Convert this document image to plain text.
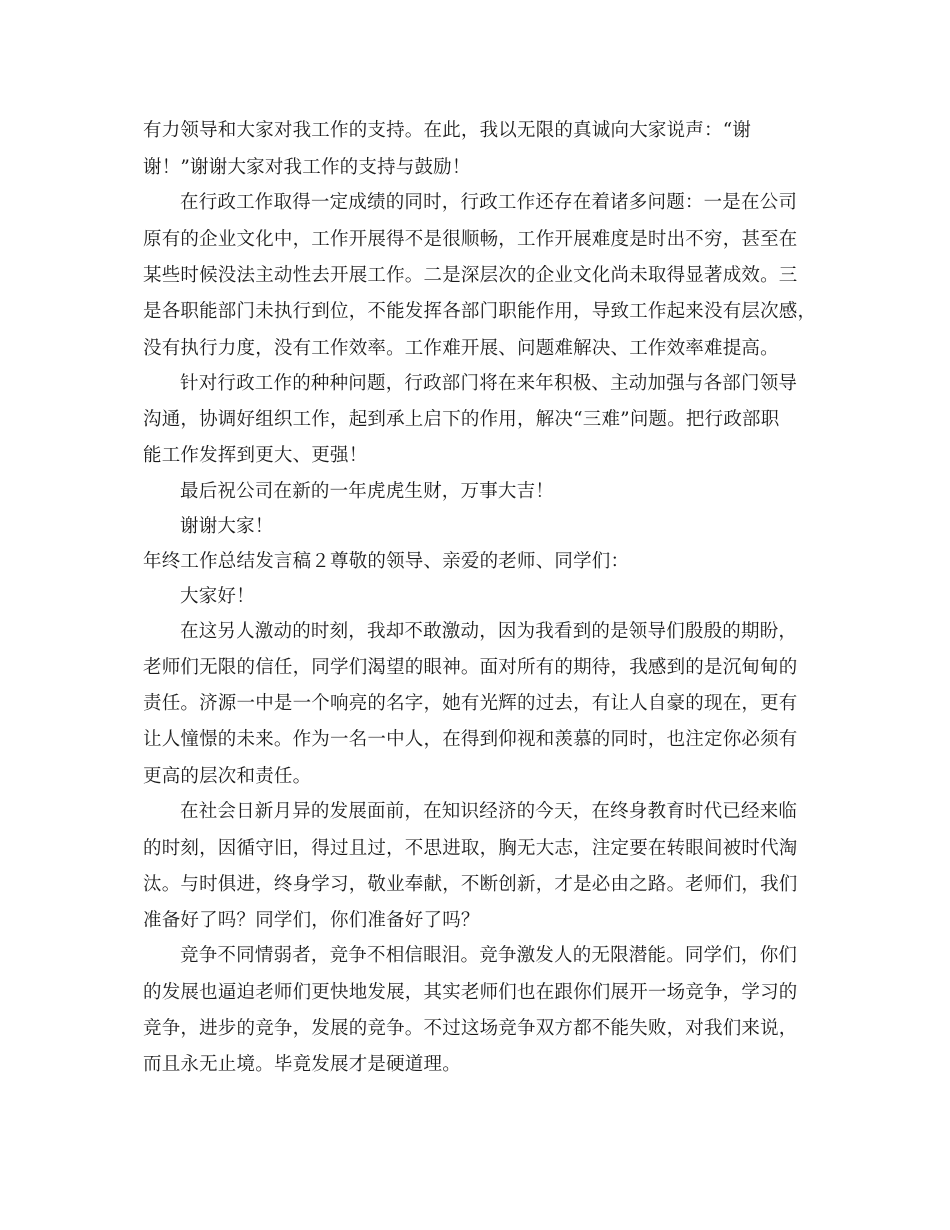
有力领导和大家对我工作的支持。在此，我以无限的真诚向大家说声：“谢
谢！”谢谢大家对我工作的支持与鼓励！
在行政工作取得一定成绩的同时，行政工作还存在着诸多问题：一是在公司
原有的企业文化中，工作开展得不是很顺畅，工作开展难度是时出不穷，甚至在
某些时候没法主动性去开展工作。二是深层次的企业文化尚未取得显著成效。三
是各职能部门未执行到位，不能发挥各部门职能作用，导致工作起来没有层次感，
没有执行力度，没有工作效率。工作难开展、问题难解决、工作效率难提高。
针对行政工作的种种问题，行政部门将在来年积极、主动加强与各部门领导
沟通，协调好组织工作，起到承上启下的作用，解决“三难”问题。把行政部职
能工作发挥到更大、更强！
最后祝公司在新的一年虎虎生财，万事大吉！
谢谢大家！
年终工作总结发言稿２尊敬的领导、亲爱的老师、同学们：
大家好！
在这另人激动的时刻，我却不敢激动，因为我看到的是领导们殷殷的期盼，
老师们无限的信任，同学们渴望的眼神。面对所有的期待，我感到的是沉甸甸的
责任。济源一中是一个响亮的名字，她有光辉的过去，有让人自豪的现在，更有
让人憧憬的未来。作为一名一中人，在得到仰视和羡慕的同时，也注定你必须有
更高的层次和责任。
在社会日新月异的发展面前，在知识经济的今天，在终身教育时代已经来临
的时刻，因循守旧，得过且过，不思进取，胸无大志，注定要在转眼间被时代淘
汰。与时俱进，终身学习，敬业奉献，不断创新，才是必由之路。老师们，我们
准备好了吗？同学们，你们准备好了吗？
竞争不同情弱者，竞争不相信眼泪。竞争激发人的无限潜能。同学们，你们
的发展也逼迫老师们更快地发展，其实老师们也在跟你们展开一场竞争，学习的
竞争，进步的竞争，发展的竞争。不过这场竞争双方都不能失败，对我们来说，
而且永无止境。毕竟发展才是硬道理。
